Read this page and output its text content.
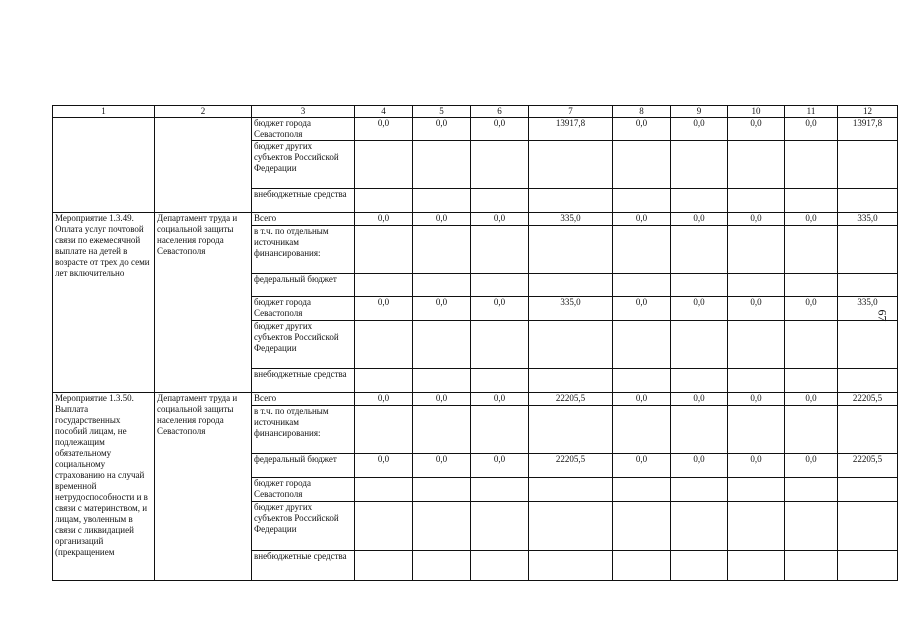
67
1	2	3	4	5	6	7	8	9	10	11	12
		бюджет города Севастополя	0,0	0,0	0,0	13917,8	0,0	0,0	0,0	0,0	13917,8
		бюджет других субъектов Российской Федерации									
		внебюджетные средства									
Мероприятие 1.3.49. Оплата услуг почтовой связи по ежемесячной выплате на детей в возрасте от трех до семи лет включительно	Департамент труда и социальной защиты населения города Севастополя	Всего	0,0	0,0	0,0	335,0	0,0	0,0	0,0	0,0	335,0
		в т.ч. по отдельным источникам финансирования:									
		федеральный бюджет									
		бюджет города Севастополя	0,0	0,0	0,0	335,0	0,0	0,0	0,0	0,0	335,0
		бюджет других субъектов Российской Федерации									
		внебюджетные средства									
Мероприятие 1.3.50. Выплата государственных пособий лицам, не подлежащим обязательному социальному страхованию на случай временной нетрудоспособности и в связи с материнством, и лицам, уволенным в связи с ликвидацией организаций (прекращением	Департамент труда и социальной защиты населения города Севастополя	Всего	0,0	0,0	0,0	22205,5	0,0	0,0	0,0	0,0	22205,5
		в т.ч. по отдельным источникам финансирования:									
		федеральный бюджет	0,0	0,0	0,0	22205,5	0,0	0,0	0,0	0,0	22205,5
		бюджет города Севастополя									
		бюджет других субъектов Российской Федерации									
		внебюджетные средства									
